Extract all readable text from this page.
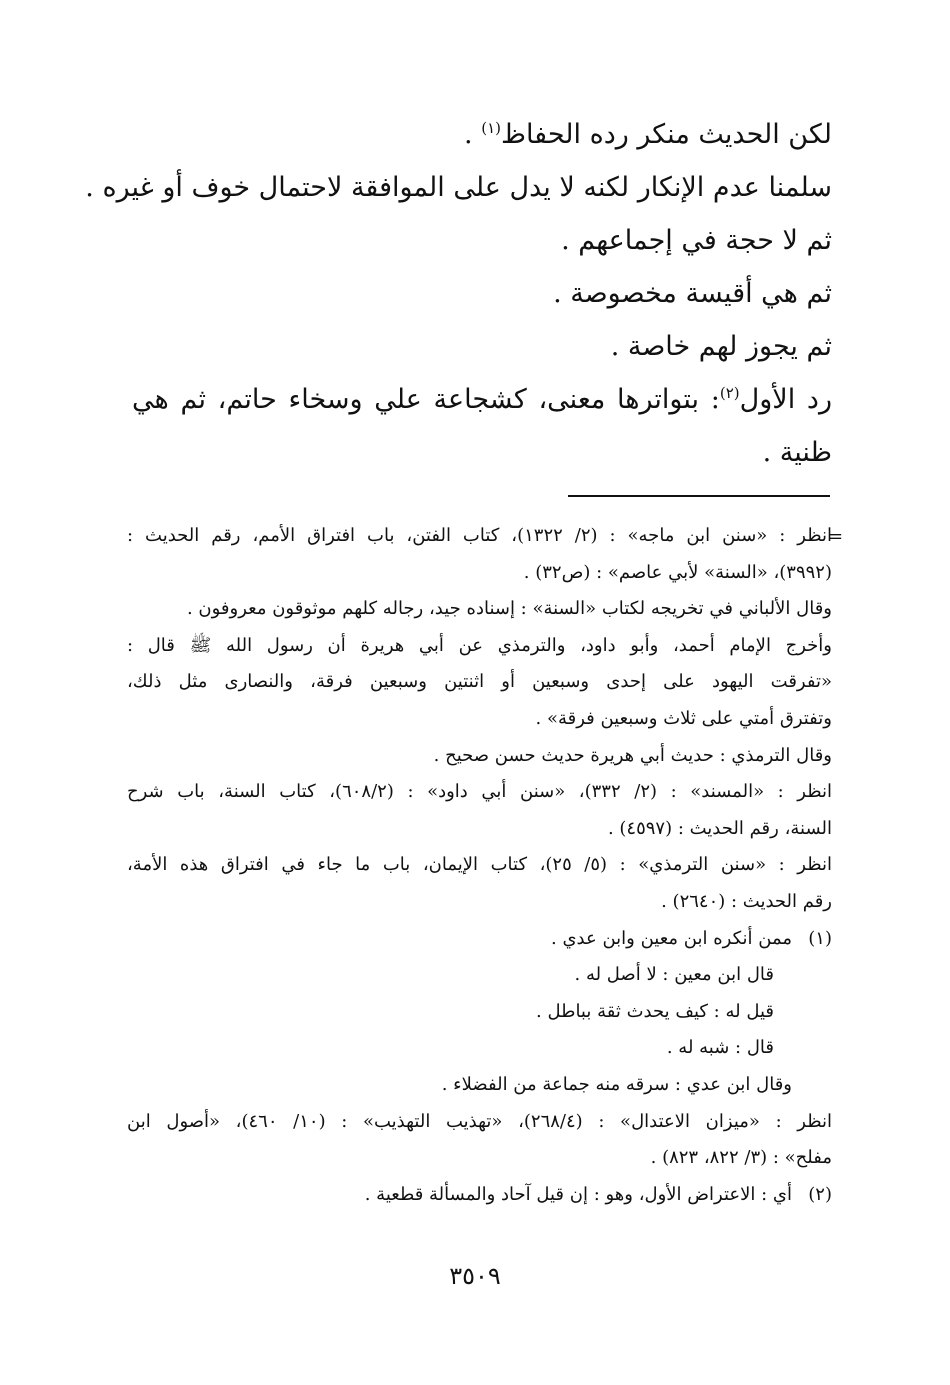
لكن الحديث منكر رده الحفاظ$^{(١)}$ .
سلمنا عدم الإنكار لكنه لا يدل على الموافقة لاحتمال خوف أو غيره .
ثم لا حجة في إجماعهم .
ثم هي أقيسة مخصوصة .
ثم يجوز لهم خاصة .
رد الأول$^{(٢)}$: بتواترها معنى، كشجاعة علي وسخاء حاتم، ثم هي
ظنية .
=
انظر : «سنن ابن ماجه» : (٢/ ١٣٢٢)، كتاب الفتن، باب افتراق الأمم، رقم الحديث :
(٣٩٩٢)، «السنة» لأبي عاصم» : (ص٣٢) .
وقال الألباني في تخريجه لكتاب «السنة» : إسناده جيد، رجاله كلهم موثوقون معروفون .
وأخرج الإمام أحمد، وأبو داود، والترمذي عن أبي هريرة أن رسول الله ﷺ قال :
«تفرقت اليهود على إحدى وسبعين أو اثنتين وسبعين فرقة، والنصارى مثل ذلك،
وتفترق أمتي على ثلاث وسبعين فرقة» .
وقال الترمذي : حديث أبي هريرة حديث حسن صحيح .
انظر : «المسند» : (٢/ ٣٣٢)، «سنن أبي داود» : (٦٠٨/٢)، كتاب السنة، باب شرح
السنة، رقم الحديث : (٤٥٩٧) .
انظر : «سنن الترمذي» : (٥/ ٢٥)، كتاب الإيمان، باب ما جاء في افتراق هذه الأمة،
رقم الحديث : (٢٦٤٠) .
(١)
ممن أنكره ابن معين وابن عدي .
قال ابن معين : لا أصل له .
قيل له : كيف يحدث ثقة بباطل .
قال : شبه له .
وقال ابن عدي : سرقه منه جماعة من الفضلاء .
انظر : «ميزان الاعتدال» : (٢٦٨/٤)، «تهذيب التهذيب» : (١٠/ ٤٦٠)، «أصول ابن
مفلح» : (٣/ ٨٢٢، ٨٢٣) .
(٢)
أي : الاعتراض الأول، وهو : إن قيل آحاد والمسألة قطعية .
٣٥٠٩
